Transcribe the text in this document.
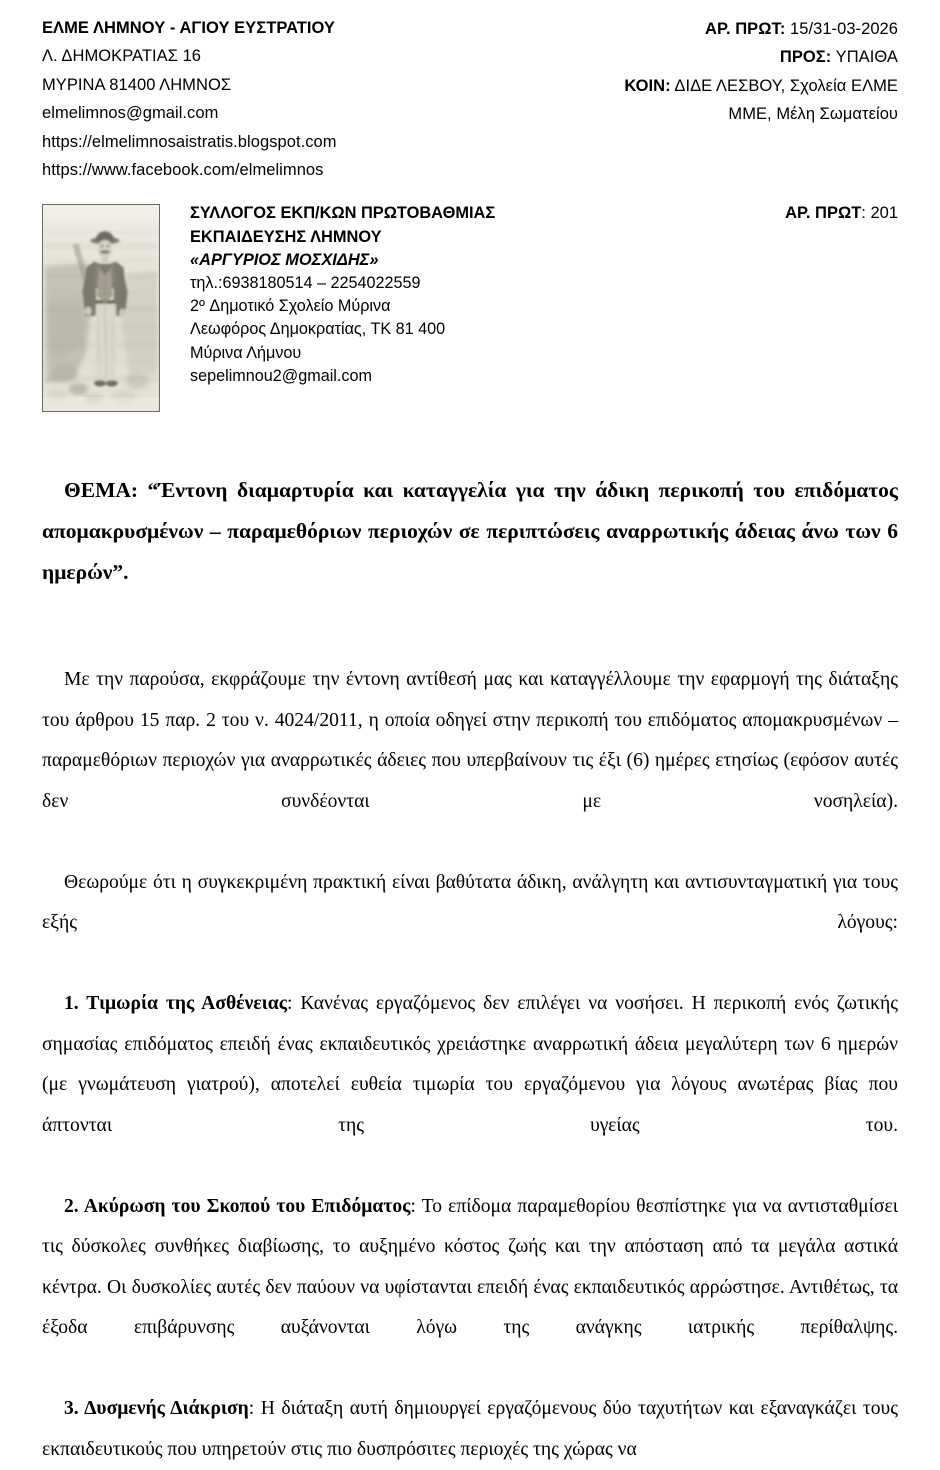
ΕΛΜΕ ΛΗΜΝΟΥ - ΑΓΙΟΥ ΕΥΣΤΡΑΤΙΟΥ
Λ. ΔΗΜΟΚΡΑΤΙΑΣ 16
ΜΥΡΙΝΑ 81400 ΛΗΜΝΟΣ
elmelimnos@gmail.com
https://elmelimnosaistratis.blogspot.com
https://www.facebook.com/elmelimnos
ΑΡ. ΠΡΩΤ: 15/31-03-2026
ΠΡΟΣ: ΥΠΑΙΘΑ
ΚΟΙΝ: ΔΙΔΕ ΛΕΣΒΟΥ, Σχολεία ΕΛΜΕ
ΜΜΕ, Μέλη Σωματείου
ΣΥΛΛΟΓΟΣ ΕΚΠ/ΚΩΝ ΠΡΩΤΟΒΑΘΜΙΑΣ
ΕΚΠΑΙΔΕΥΣΗΣ ΛΗΜΝΟΥ
«ΑΡΓΥΡΙΟΣ ΜΟΣΧΙΔΗΣ»
τηλ.:6938180514 – 2254022559
2º Δημοτικό Σχολείο Μύρινα
Λεωφόρος Δημοκρατίας, ΤΚ 81 400
Μύρινα Λήμνου
sepelimnou2@gmail.com
ΑΡ. ΠΡΩΤ: 201
ΘΕΜΑ: “Έντονη διαμαρτυρία και καταγγελία για την άδικη περικοπή του επιδόματος απομακρυσμένων – παραμεθόριων περιοχών σε περιπτώσεις αναρρωτικής άδειας άνω των 6 ημερών”.

Με την παρούσα, εκφράζουμε την έντονη αντίθεσή μας και καταγγέλλουμε την εφαρμογή της διάταξης του άρθρου 15 παρ. 2 του ν. 4024/2011, η οποία οδηγεί στην περικοπή του επιδόματος απομακρυσμένων – παραμεθόριων περιοχών για αναρρωτικές άδειες που υπερβαίνουν τις έξι (6) ημέρες ετησίως (εφόσον αυτές δεν συνδέονται με νοσηλεία).

Θεωρούμε ότι η συγκεκριμένη πρακτική είναι βαθύτατα άδικη, ανάλγητη και αντισυνταγματική για τους εξής λόγους:

1. Τιμωρία της Ασθένειας: Κανένας εργαζόμενος δεν επιλέγει να νοσήσει. Η περικοπή ενός ζωτικής σημασίας επιδόματος επειδή ένας εκπαιδευτικός χρειάστηκε αναρρωτική άδεια μεγαλύτερη των 6 ημερών (με γνωμάτευση γιατρού), αποτελεί ευθεία τιμωρία του εργαζόμενου για λόγους ανωτέρας βίας που άπτονται της υγείας του.

2. Ακύρωση του Σκοπού του Επιδόματος: Το επίδομα παραμεθορίου θεσπίστηκε για να αντισταθμίσει τις δύσκολες συνθήκες διαβίωσης, το αυξημένο κόστος ζωής και την απόσταση από τα μεγάλα αστικά κέντρα. Οι δυσκολίες αυτές δεν παύουν να υφίστανται επειδή ένας εκπαιδευτικός αρρώστησε. Αντιθέτως, τα έξοδα επιβάρυνσης αυξάνονται λόγω της ανάγκης ιατρικής περίθαλψης.

3. Δυσμενής Διάκριση: Η διάταξη αυτή δημιουργεί εργαζόμενους δύο ταχυτήτων και εξαναγκάζει τους εκπαιδευτικούς που υπηρετούν στις πιο δυσπρόσιτες περιοχές της χώρας να
